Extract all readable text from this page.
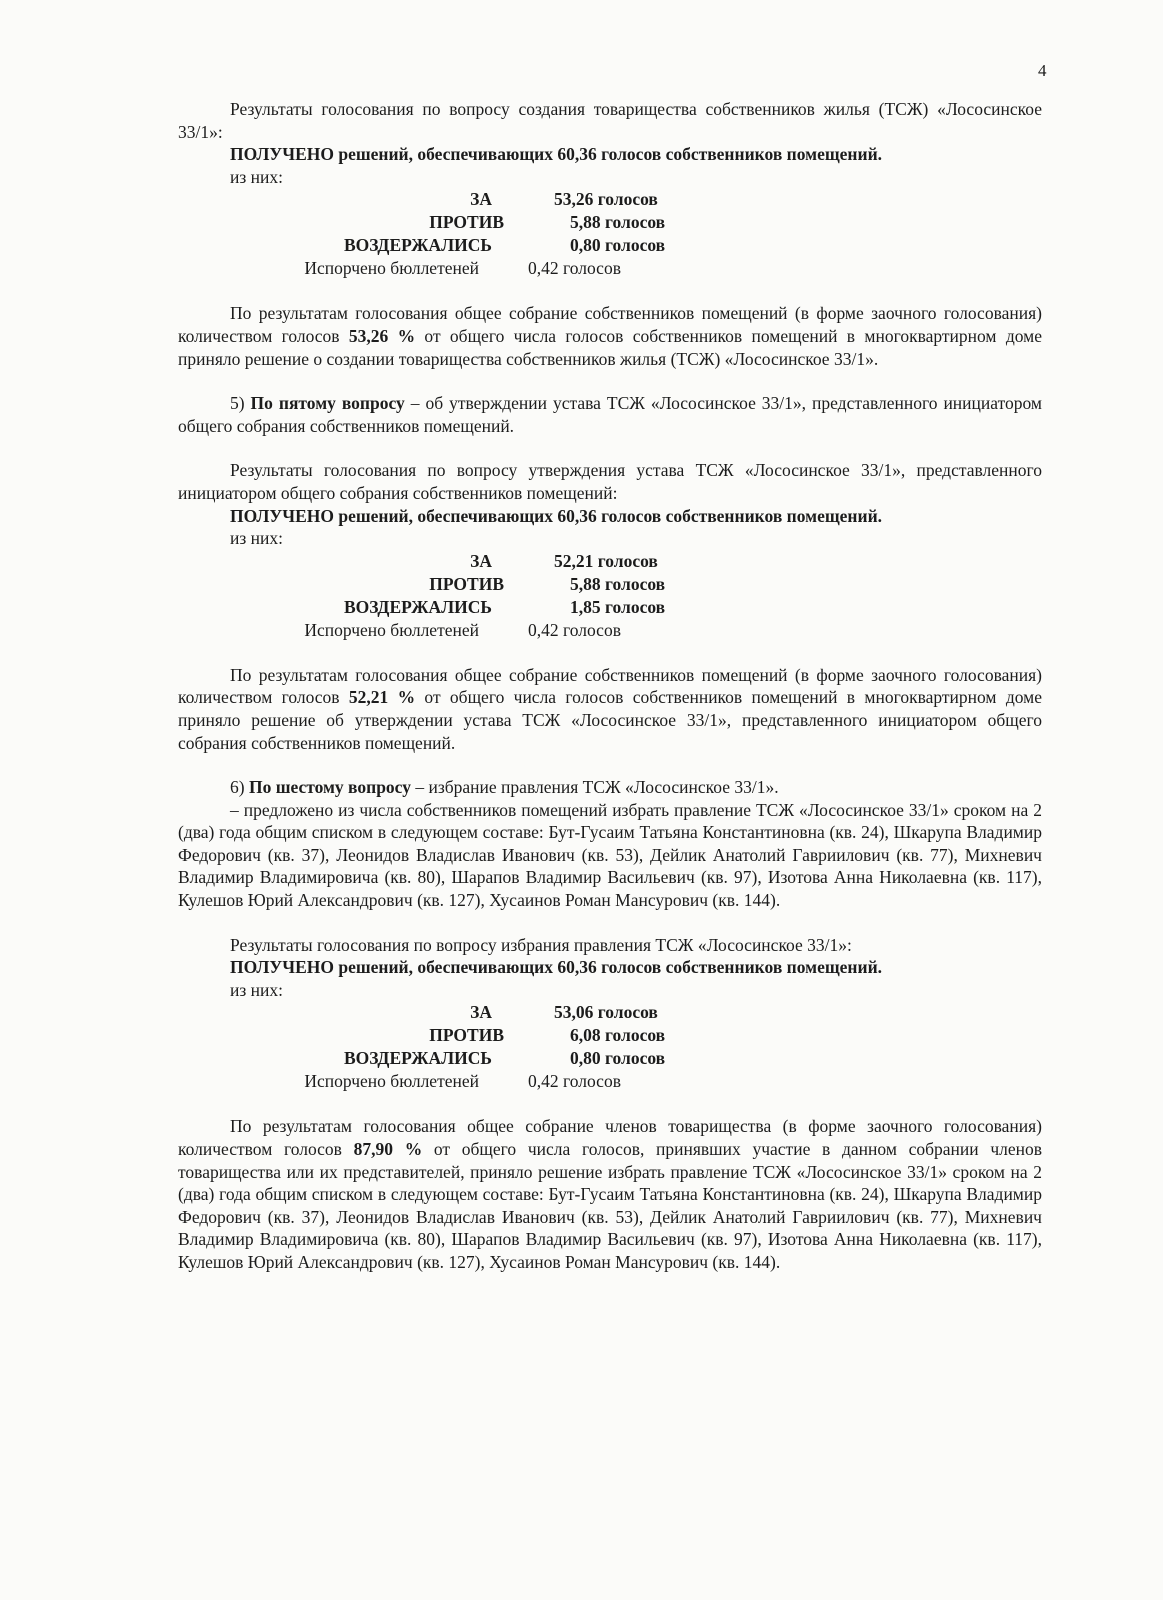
4

Результаты голосования по вопросу создания товарищества собственников жилья (ТСЖ) «Лососинское 33/1»:

ПОЛУЧЕНО решений, обеспечивающих 60,36 голосов собственников помещений.
из них:
ЗА	53,26 голосов
ПРОТИВ	5,88 голосов
ВОЗДЕРЖАЛИСЬ	0,80 голосов
Испорчено бюллетеней	0,42 голосов

По результатам голосования общее собрание собственников помещений (в форме заочного голосования) количеством голосов 53,26 % от общего числа голосов собственников помещений в многоквартирном доме приняло решение о создании товарищества собственников жилья (ТСЖ) «Лососинское 33/1».

5) По пятому вопросу – об утверждении устава ТСЖ «Лососинское 33/1», представленного инициатором общего собрания собственников помещений.

Результаты голосования по вопросу утверждения устава ТСЖ «Лососинское 33/1», представленного инициатором общего собрания собственников помещений:

ПОЛУЧЕНО решений, обеспечивающих 60,36 голосов собственников помещений.
из них:
ЗА	52,21 голосов
ПРОТИВ	5,88 голосов
ВОЗДЕРЖАЛИСЬ	1,85 голосов
Испорчено бюллетеней	0,42 голосов

По результатам голосования общее собрание собственников помещений (в форме заочного голосования) количеством голосов 52,21 % от общего числа голосов собственников помещений в многоквартирном доме приняло решение об утверждении устава ТСЖ «Лососинское 33/1», представленного инициатором общего собрания собственников помещений.

6) По шестому вопросу – избрание правления ТСЖ «Лососинское 33/1».

– предложено из числа собственников помещений избрать правление ТСЖ «Лососинское 33/1» сроком на 2 (два) года общим списком в следующем составе: Бут-Гусаим Татьяна Константиновна (кв. 24), Шкарупа Владимир Федорович (кв. 37), Леонидов Владислав Иванович (кв. 53), Дейлик Анатолий Гавриилович (кв. 77), Михневич Владимир Владимировича (кв. 80), Шарапов Владимир Васильевич (кв. 97), Изотова Анна Николаевна (кв. 117), Кулешов Юрий Александрович (кв. 127), Хусаинов Роман Мансурович (кв. 144).

Результаты голосования по вопросу избрания правления ТСЖ «Лососинское 33/1»:

ПОЛУЧЕНО решений, обеспечивающих 60,36 голосов собственников помещений.
из них:
ЗА	53,06 голосов
ПРОТИВ	6,08 голосов
ВОЗДЕРЖАЛИСЬ	0,80 голосов
Испорчено бюллетеней	0,42 голосов

По результатам голосования общее собрание членов товарищества (в форме заочного голосования) количеством голосов 87,90 % от общего числа голосов, принявших участие в данном собрании членов товарищества или их представителей, приняло решение избрать правление ТСЖ «Лососинское 33/1» сроком на 2 (два) года общим списком в следующем составе: Бут-Гусаим Татьяна Константиновна (кв. 24), Шкарупа Владимир Федорович (кв. 37), Леонидов Владислав Иванович (кв. 53), Дейлик Анатолий Гавриилович (кв. 77), Михневич Владимир Владимировича (кв. 80), Шарапов Владимир Васильевич (кв. 97), Изотова Анна Николаевна (кв. 117), Кулешов Юрий Александрович (кв. 127), Хусаинов Роман Мансурович (кв. 144).
